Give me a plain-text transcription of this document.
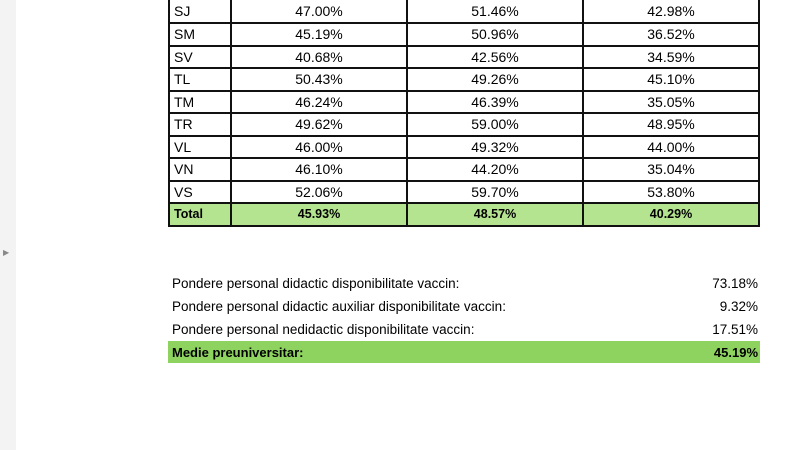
▶
SJ	47.00%	51.46%	42.98%
SM	45.19%	50.96%	36.52%
SV	40.68%	42.56%	34.59%
TL	50.43%	49.26%	45.10%
TM	46.24%	46.39%	35.05%
TR	49.62%	59.00%	48.95%
VL	46.00%	49.32%	44.00%
VN	46.10%	44.20%	35.04%
VS	52.06%	59.70%	53.80%
Total	45.93%	48.57%	40.29%
Pondere personal didactic disponibilitate vaccin:	73.18%
Pondere personal didactic auxiliar disponibilitate vaccin:	9.32%
Pondere personal nedidactic disponibilitate vaccin:	17.51%
Medie preuniversitar:	45.19%
